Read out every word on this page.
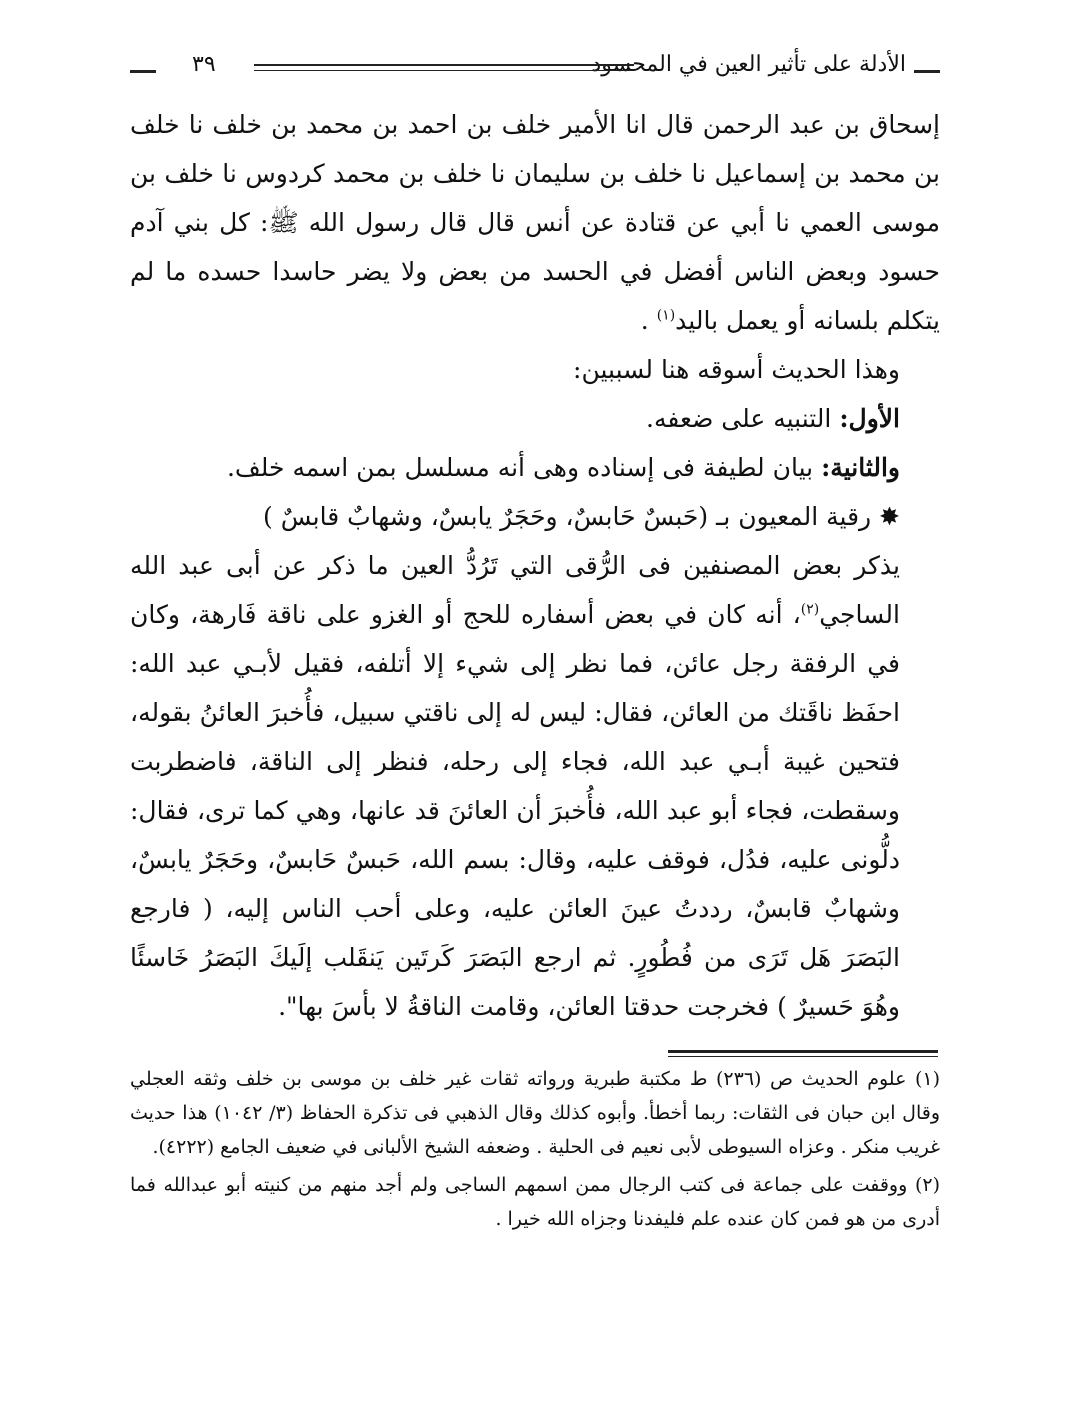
الأدلة على تأثير العين في المحسود
٣٩

إسحاق بن عبد الرحمن قال انا الأمير خلف بن احمد بن محمد بن خلف نا خلف بن محمد بن إسماعيل نا خلف بن سليمان نا خلف بن محمد كردوس نا خلف بن موسى العمي نا أبي عن قتادة عن أنس قال قال رسول الله ﷺ: كل بني آدم حسود وبعض الناس أفضل في الحسد من بعض ولا يضر حاسدا حسده ما لم يتكلم بلسانه أو يعمل باليد$^{(١)}$ .

وهذا الحديث أسوقه هنا لسببين:

الأول: التنبيه على ضعفه.

والثانية: بيان لطيفة فى إسناده وهى أنه مسلسل بمن اسمه خلف.

✸ رقية المعيون بـ (حَبسٌ حَابسٌ، وحَجَرٌ يابسٌ، وشهابٌ قابسٌ )

يذكر بعض المصنفين فى الرُّقى التي تَرُدُّ العين ما ذكر عن أبى عبد الله الساجي$^{(٢)}$، أنه كان في بعض أسفاره للحج أو الغزو على ناقة فَارهة، وكان في الرفقة رجل عائن، فما نظر إلى شيء إلا أتلفه، فقيل لأبـي عبد الله: احفَظ ناقَتك من العائن، فقال: ليس له إلى ناقتي سبيل، فأُخبرَ العائنُ بقوله، فتحين غيبة أبـي عبد الله، فجاء إلى رحله، فنظر إلى الناقة، فاضطربت وسقطت، فجاء أبو عبد الله، فأُخبرَ أن العائنَ قد عانها، وهي كما ترى، فقال: دلُّونى عليه، فدُل، فوقف عليه، وقال: بسم الله، حَبسٌ حَابسٌ، وحَجَرٌ يابسٌ، وشهابٌ قابسٌ، رددتُ عينَ العائن عليه، وعلى أحب الناس إليه، ( فارجع البَصَرَ هَل تَرَى من فُطُورٍ. ثم ارجع البَصَرَ كَرتَين يَنقَلب إلَيكَ البَصَرُ خَاسئًا وهُوَ حَسيرٌ ) فخرجت حدقتا العائن، وقامت الناقةُ لا بأسَ بها".

(١) علوم الحديث ص (٢٣٦) ط مكتبة طبرية ورواته ثقات غير خلف بن موسى بن خلف وثقه العجلي وقال ابن حبان فى الثقات: ربما أخطأ. وأبوه كذلك وقال الذهبي فى تذكرة الحفاظ (٣/ ١٠٤٢) هذا حديث غريب منكر . وعزاه السيوطى لأبى نعيم فى الحلية . وضعفه الشيخ الألبانى في ضعيف الجامع (٤٢٢٢).

(٢) ووقفت على جماعة فى كتب الرجال ممن اسمهم الساجى ولم أجد منهم من كنيته أبو عبدالله فما أدرى من هو فمن كان عنده علم فليفدنا وجزاه الله خيرا .
